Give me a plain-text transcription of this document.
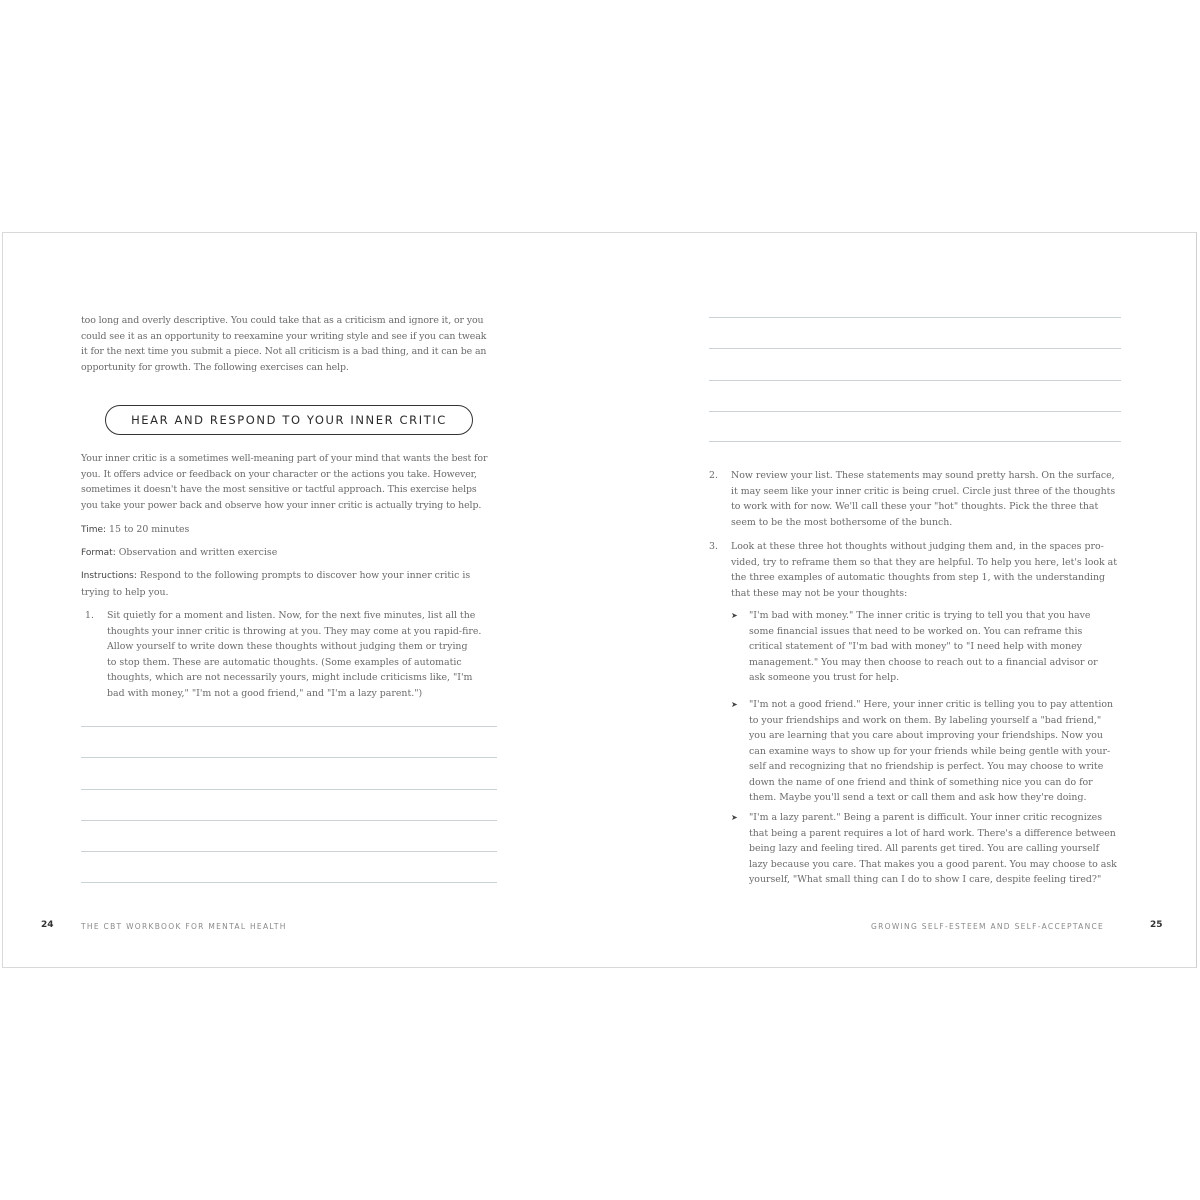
too long and overly descriptive. You could take that as a criticism and ignore it, or you
could see it as an opportunity to reexamine your writing style and see if you can tweak
it for the next time you submit a piece. Not all criticism is a bad thing, and it can be an
opportunity for growth. The following exercises can help.
HEAR AND RESPOND TO YOUR INNER CRITIC
Your inner critic is a sometimes well-meaning part of your mind that wants the best for
you. It offers advice or feedback on your character or the actions you take. However,
sometimes it doesn't have the most sensitive or tactful approach. This exercise helps
you take your power back and observe how your inner critic is actually trying to help.
Time: 15 to 20 minutes
Format: Observation and written exercise
Instructions: Respond to the following prompts to discover how your inner critic is
trying to help you.
1. Sit quietly for a moment and listen. Now, for the next five minutes, list all the
thoughts your inner critic is throwing at you. They may come at you rapid-fire.
Allow yourself to write down these thoughts without judging them or trying
to stop them. These are automatic thoughts. (Some examples of automatic
thoughts, which are not necessarily yours, might include criticisms like, "I'm
bad with money," "I'm not a good friend," and "I'm a lazy parent.")
24	THE CBT WORKBOOK FOR MENTAL HEALTH
2. Now review your list. These statements may sound pretty harsh. On the surface,
it may seem like your inner critic is being cruel. Circle just three of the thoughts
to work with for now. We'll call these your "hot" thoughts. Pick the three that
seem to be the most bothersome of the bunch.
3. Look at these three hot thoughts without judging them and, in the spaces pro-
vided, try to reframe them so that they are helpful. To help you here, let's look at
the three examples of automatic thoughts from step 1, with the understanding
that these may not be your thoughts:
➤ "I'm bad with money." The inner critic is trying to tell you that you have
some financial issues that need to be worked on. You can reframe this
critical statement of "I'm bad with money" to "I need help with money
management." You may then choose to reach out to a financial advisor or
ask someone you trust for help.
➤ "I'm not a good friend." Here, your inner critic is telling you to pay attention
to your friendships and work on them. By labeling yourself a "bad friend,"
you are learning that you care about improving your friendships. Now you
can examine ways to show up for your friends while being gentle with your-
self and recognizing that no friendship is perfect. You may choose to write
down the name of one friend and think of something nice you can do for
them. Maybe you'll send a text or call them and ask how they're doing.
➤ "I'm a lazy parent." Being a parent is difficult. Your inner critic recognizes
that being a parent requires a lot of hard work. There's a difference between
being lazy and feeling tired. All parents get tired. You are calling yourself
lazy because you care. That makes you a good parent. You may choose to ask
yourself, "What small thing can I do to show I care, despite feeling tired?"
GROWING SELF-ESTEEM AND SELF-ACCEPTANCE	25
